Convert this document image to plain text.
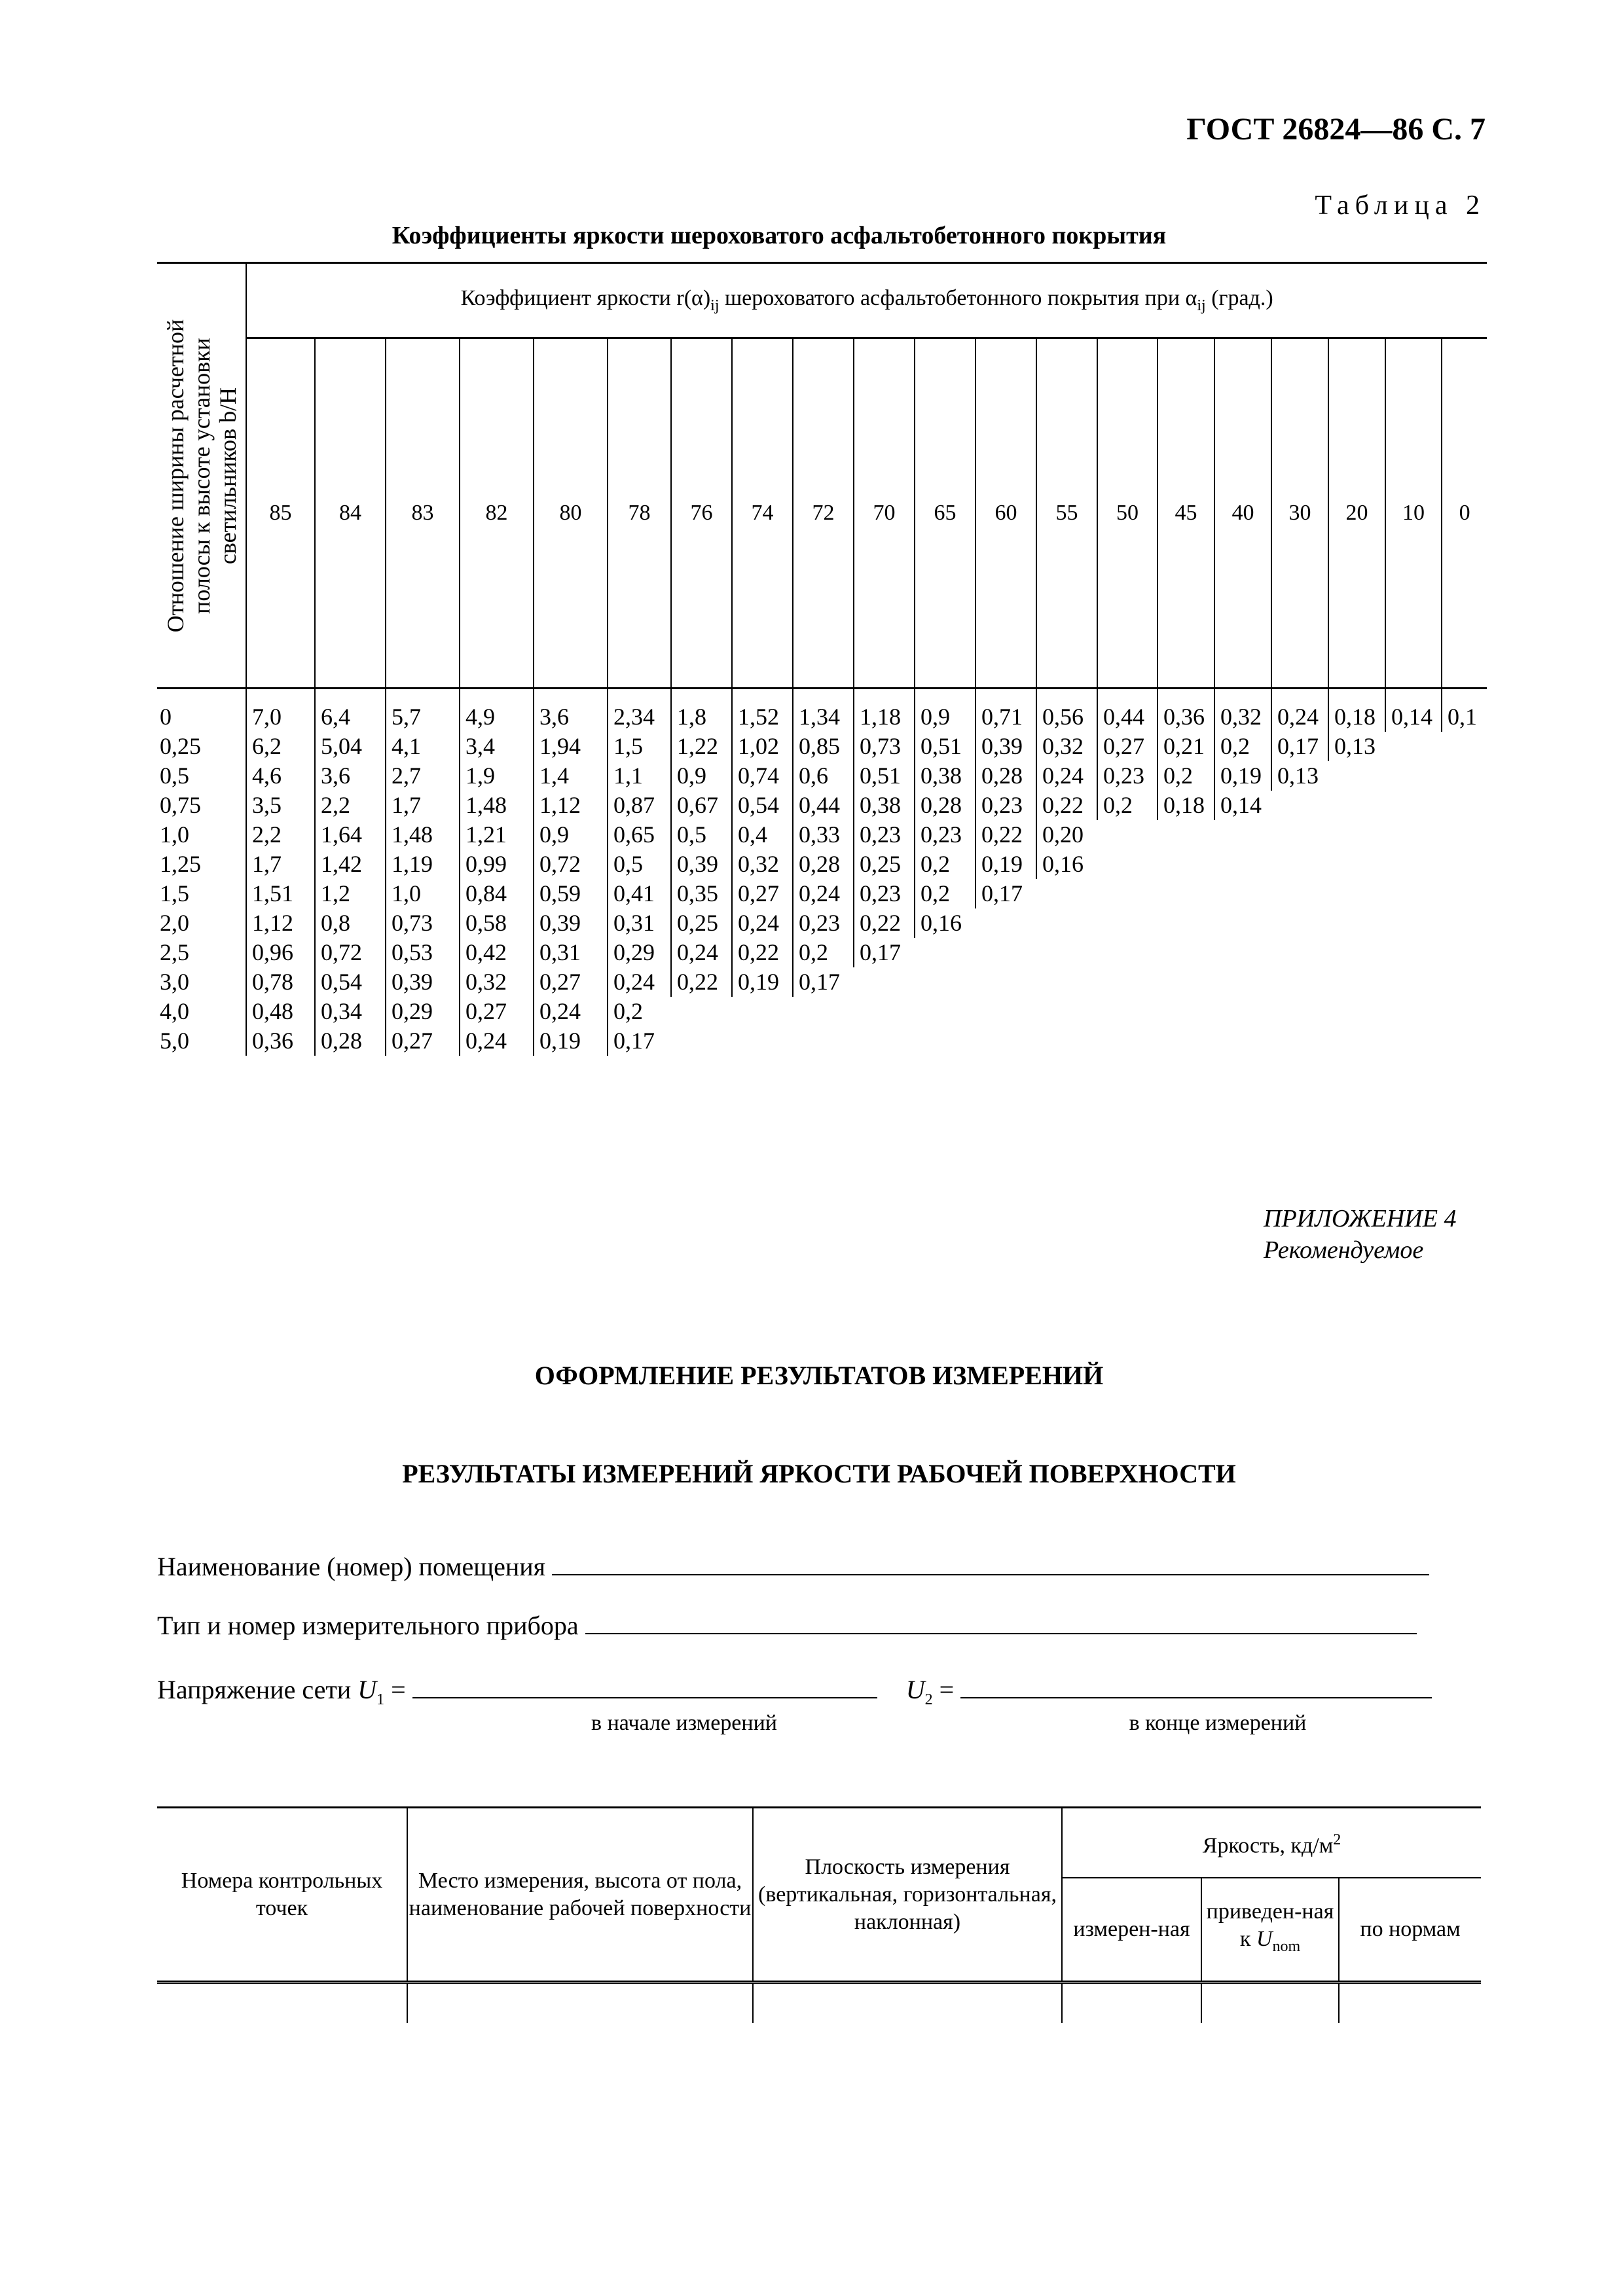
ГОСТ 26824—86 С. 7
Таблица 2
Коэффициенты яркости шероховатого асфальтобетонного покрытия
Отношение ширины расчетной полосы к высоте установки светильников b/H	Коэффициент яркости $r(\alpha)_{ij}$ шероховатого асфальтобетонного покрытия при $\alpha_{ij}$ (град.)																			
	85	84	83	82	80	78	76	74	72	70	65	60	55	50	45	40	30	20	10	0
0	7,0	6,4	5,7	4,9	3,6	2,34	1,8	1,52	1,34	1,18	0,9	0,71	0,56	0,44	0,36	0,32	0,24	0,18	0,14	0,1
0,25	6,2	5,04	4,1	3,4	1,94	1,5	1,22	1,02	0,85	0,73	0,51	0,39	0,32	0,27	0,21	0,2	0,17	0,13		
0,5	4,6	3,6	2,7	1,9	1,4	1,1	0,9	0,74	0,6	0,51	0,38	0,28	0,24	0,23	0,2	0,19	0,13			
0,75	3,5	2,2	1,7	1,48	1,12	0,87	0,67	0,54	0,44	0,38	0,28	0,23	0,22	0,2	0,18	0,14				
1,0	2,2	1,64	1,48	1,21	0,9	0,65	0,5	0,4	0,33	0,23	0,23	0,22	0,20							
1,25	1,7	1,42	1,19	0,99	0,72	0,5	0,39	0,32	0,28	0,25	0,2	0,19	0,16							
1,5	1,51	1,2	1,0	0,84	0,59	0,41	0,35	0,27	0,24	0,23	0,2	0,17								
2,0	1,12	0,8	0,73	0,58	0,39	0,31	0,25	0,24	0,23	0,22	0,16									
2,5	0,96	0,72	0,53	0,42	0,31	0,29	0,24	0,22	0,2	0,17										
3,0	0,78	0,54	0,39	0,32	0,27	0,24	0,22	0,19	0,17											
4,0	0,48	0,34	0,29	0,27	0,24	0,2														
5,0	0,36	0,28	0,27	0,24	0,19	0,17														
ПРИЛОЖЕНИЕ 4
Рекомендуемое
ОФОРМЛЕНИЕ РЕЗУЛЬТАТОВ ИЗМЕРЕНИЙ
РЕЗУЛЬТАТЫ ИЗМЕРЕНИЙ ЯРКОСТИ РАБОЧЕЙ ПОВЕРХНОСТИ
Наименование (номер) помещения
Тип и номер измерительного прибора
Напряжение сети $U_1$ =	$U_2$ =
в начале измерений	в конце измерений
Номера контрольных точек	Место измерения, высота от пола, наименование рабочей поверхности	Плоскость измерения (вертикальная, горизонтальная, наклонная)	Яркость, $кд/м^2$
			измерен-ная	приведен-ная к $U_{nom}$	по нормам
